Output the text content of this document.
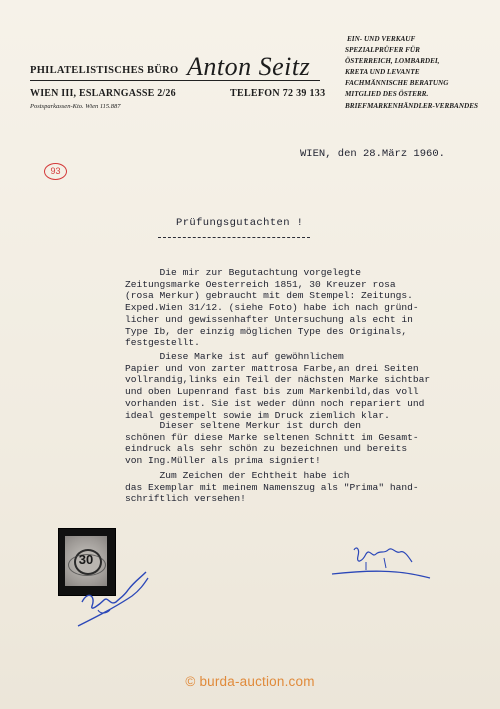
PHILATELISTISCHES BÜRO Anton Seitz
WIEN III, ESLARNGASSE 2/26	TELEFON 72 39 133
Postsparkassen-Kto. Wien 115.887
EIN- UND VERKAUF
SPEZIALPRÜFER FÜR
ÖSTERREICH, LOMBARDEI,
KRETA UND LEVANTE
FACHMÄNNISCHE BERATUNG
MITGLIED DES ÖSTERR.
BRIEFMARKENHÄNDLER-VERBANDES
93
WIEN, den 28.März 1960.
Prüfungsgutachten !
Die mir zur Begutachtung vorgelegte
Zeitungsmarke Oesterreich 1851, 30 Kreuzer rosa
(rosa Merkur) gebraucht mit dem Stempel: Zeitungs.
Exped.Wien 31/12. (siehe Foto) habe ich nach gründ-
licher und gewissenhafter Untersuchung als echt in
Type Ib, der einzig möglichen Type des Originals,
festgestellt.
Diese Marke ist auf gewöhnlichem
Papier und von zarter mattrosa Farbe,an drei Seiten
vollrandig,links ein Teil der nächsten Marke sichtbar
und oben Lupenrand fast bis zum Markenbild,das voll
vorhanden ist. Sie ist weder dünn noch repariert und
ideal gestempelt sowie im Druck ziemlich klar.
Dieser seltene Merkur ist durch den
schönen für diese Marke seltenen Schnitt im Gesamt-
eindruck als sehr schön zu bezeichnen und bereits
von Ing.Müller als prima signiert!
Zum Zeichen der Echtheit habe ich
das Exemplar mit meinem Namenszug als "Prima" hand-
schriftlich versehen!
30
© burda-auction.com
